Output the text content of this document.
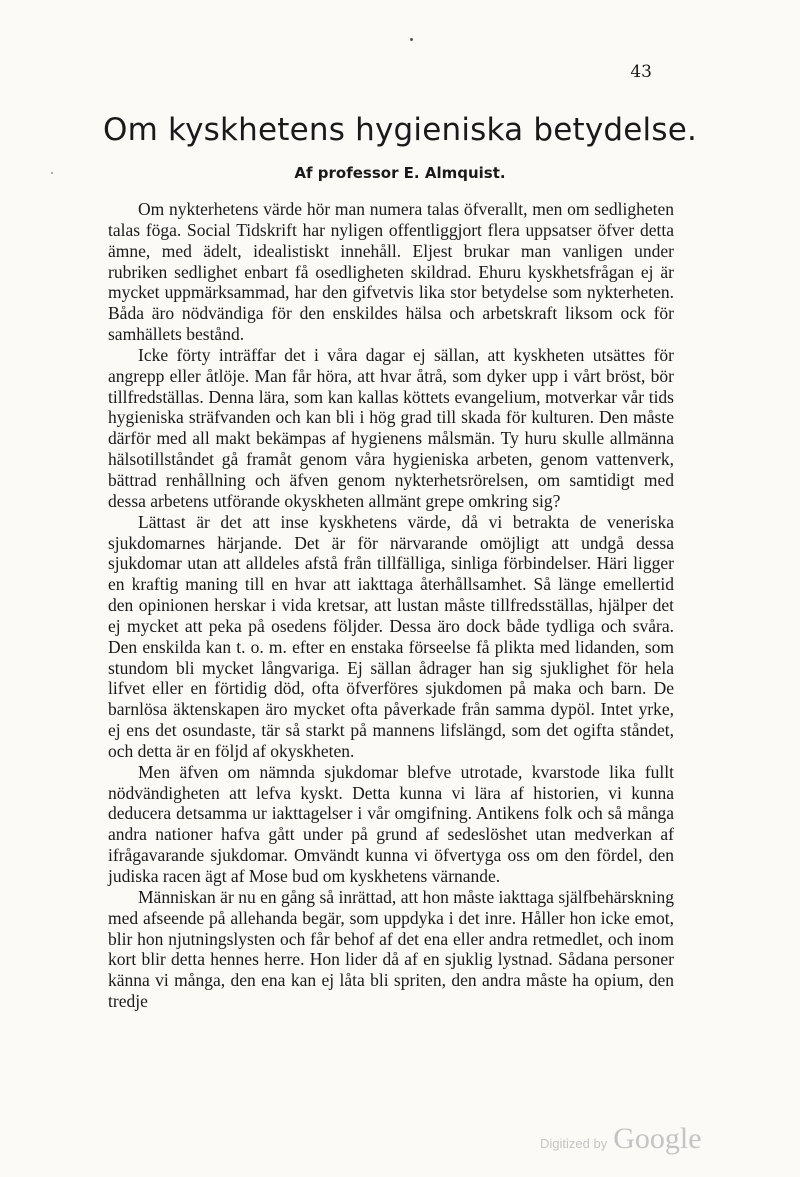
43
Om kyskhetens hygieniska betydelse.
Af professor E. Almquist.

Om nykterhetens värde hör man numera talas öfverallt, men om sedligheten talas föga. Social Tidskrift har nyligen offentliggjort flera uppsatser öfver detta ämne, med ädelt, idealistiskt innehåll. Eljest brukar man vanligen under rubriken sedlighet enbart få osedligheten skildrad. Ehuru kyskhetsfrågan ej är mycket uppmärksammad, har den gifvetvis lika stor betydelse som nykterheten. Båda äro nödvändiga för den enskildes hälsa och arbetskraft liksom ock för samhällets bestånd.

Icke förty inträffar det i våra dagar ej sällan, att kyskheten utsättes för angrepp eller åtlöje. Man får höra, att hvar åtrå, som dyker upp i vårt bröst, bör tillfredställas. Denna lära, som kan kallas köttets evangelium, motverkar vår tids hygieniska sträfvanden och kan bli i hög grad till skada för kulturen. Den måste därför med all makt bekämpas af hygienens målsmän. Ty huru skulle allmänna hälsotillståndet gå framåt genom våra hygieniska arbeten, genom vattenverk, bättrad renhållning och äfven genom nykterhetsrörelsen, om samtidigt med dessa arbetens utförande okyskheten allmänt grepe omkring sig?

Lättast är det att inse kyskhetens värde, då vi betrakta de veneriska sjukdomarnes härjande. Det är för närvarande omöjligt att undgå dessa sjukdomar utan att alldeles afstå från tillfälliga, sinliga förbindelser. Häri ligger en kraftig maning till en hvar att iakttaga återhållsamhet. Så länge emellertid den opinionen herskar i vida kretsar, att lustan måste tillfredsställas, hjälper det ej mycket att peka på osedens följder. Dessa äro dock både tydliga och svåra. Den enskilda kan t. o. m. efter en enstaka förseelse få plikta med lidanden, som stundom bli mycket långvariga. Ej sällan ådrager han sig sjuklighet för hela lifvet eller en förtidig död, ofta öfverföres sjukdomen på maka och barn. De barnlösa äktenskapen äro mycket ofta påverkade från samma dypöl. Intet yrke, ej ens det osundaste, tär så starkt på mannens lifslängd, som det ogifta ståndet, och detta är en följd af okyskheten.

Men äfven om nämnda sjukdomar blefve utrotade, kvarstode lika fullt nödvändigheten att lefva kyskt. Detta kunna vi lära af historien, vi kunna deducera detsamma ur iakttagelser i vår omgifning. Antikens folk och så många andra nationer hafva gått under på grund af sedeslöshet utan medverkan af ifrågavarande sjukdomar. Omvändt kunna vi öfvertyga oss om den fördel, den judiska racen ägt af Mose bud om kyskhetens värnande.

Människan är nu en gång så inrättad, att hon måste iakttaga själfbehärskning med afseende på allehanda begär, som uppdyka i det inre. Håller hon icke emot, blir hon njutningslysten och får behof af det ena eller andra retmedlet, och inom kort blir detta hennes herre. Hon lider då af en sjuklig lystnad. Sådana personer känna vi många, den ena kan ej låta bli spriten, den andra måste ha opium, den tredje

Digitized by Google
